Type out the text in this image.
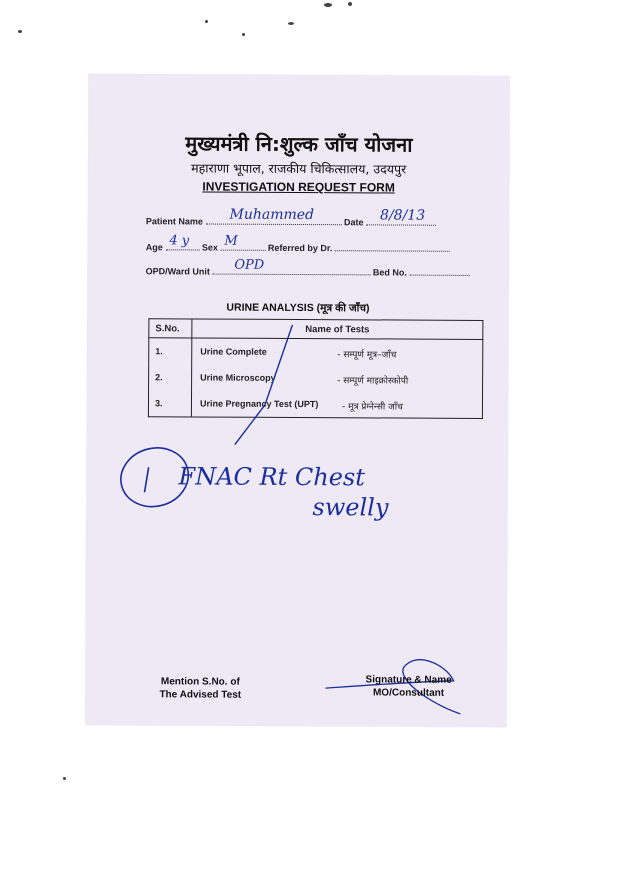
मुख्यमंत्री नि:शुल्क जाँच योजना
महाराणा भूपाल, राजकीय चिकित्सालय, उदयपुर
INVESTIGATION REQUEST FORM
Patient Name Muhammed	Date 8/8/13
Age 4 y Sex M	Referred by Dr.
OPD/Ward Unit OPD	Bed No.
URINE ANALYSIS (मूत्र की जाँच)
S.No.	Name of Tests
1.	Urine Complete - सम्पूर्ण मूत्र–जाँच

2.	Urine Microscopy - सम्पूर्ण माइक्रोस्कोपी

3.	Urine Pregnancy Test (UPT) - मूत्र प्रेग्नेन्सी जाँच
FNAC Rt Chest
swelly
Mention S.No. of
The Advised Test
Signature & Name
MO/Consultant
